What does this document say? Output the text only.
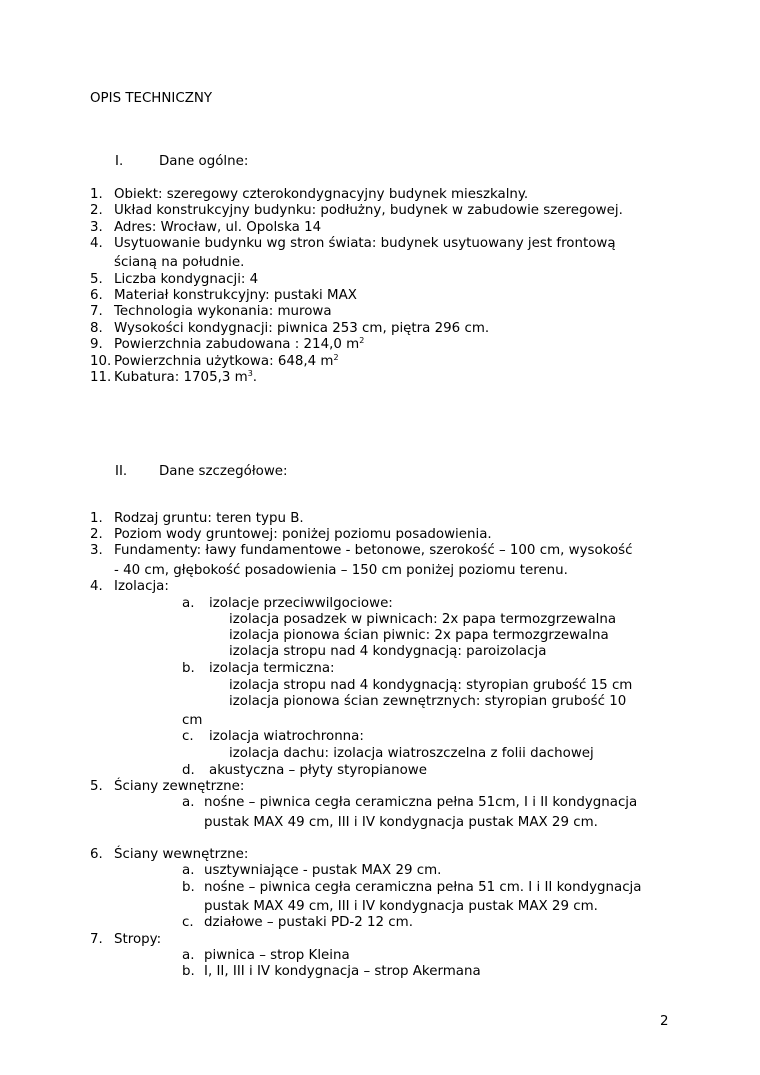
OPIS TECHNICZNY
I.	Dane ogólne:
1. Obiekt: szeregowy czterokondygnacyjny budynek mieszkalny.
2. Układ konstrukcyjny budynku: podłużny, budynek w zabudowie szeregowej.
3. Adres: Wrocław, ul. Opolska 14
4. Usytuowanie budynku wg stron świata: budynek usytuowany jest frontową
ścianą na południe.
5. Liczba kondygnacji: 4
6. Materiał konstrukcyjny: pustaki MAX
7. Technologia wykonania: murowa
8. Wysokości kondygnacji: piwnica 253 cm, piętra 296 cm.
9. Powierzchnia zabudowana : 214,0 $m^2$
10. Powierzchnia użytkowa: 648,4 $m^2$
11. Kubatura: 1705,3 $m^3$.
II. Dane szczegółowe:
1. Rodzaj gruntu: teren typu B.
2. Poziom wody gruntowej: poniżej poziomu posadowienia.
3. Fundamenty: ławy fundamentowe - betonowe, szerokość – 100 cm, wysokość
- 40 cm, głębokość posadowienia – 150 cm poniżej poziomu terenu.
4. Izolacja:
a. izolacje przeciwwilgociowe:
izolacja posadzek w piwnicach: 2x papa termozgrzewalna
izolacja pionowa ścian piwnic: 2x papa termozgrzewalna
izolacja stropu nad 4 kondygnacją: paroizolacja
b. izolacja termiczna:
izolacja stropu nad 4 kondygnacją: styropian grubość 15 cm
izolacja pionowa ścian zewnętrznych: styropian grubość 10
cm
c. izolacja wiatrochronna:
izolacja dachu: izolacja wiatroszczelna z folii dachowej
d. akustyczna – płyty styropianowe
5. Ściany zewnętrzne:
a. nośne – piwnica cegła ceramiczna pełna 51cm, I i II kondygnacja
pustak MAX 49 cm, III i IV kondygnacja pustak MAX 29 cm.
6. Ściany wewnętrzne:
a. usztywniające - pustak MAX 29 cm.
b. nośne – piwnica cegła ceramiczna pełna 51 cm. I i II kondygnacja
pustak MAX 49 cm, III i IV kondygnacja pustak MAX 29 cm.
c. działowe – pustaki PD-2 12 cm.
7. Stropy:
a. piwnica – strop Kleina
b. I, II, III i IV kondygnacja – strop Akermana
2
